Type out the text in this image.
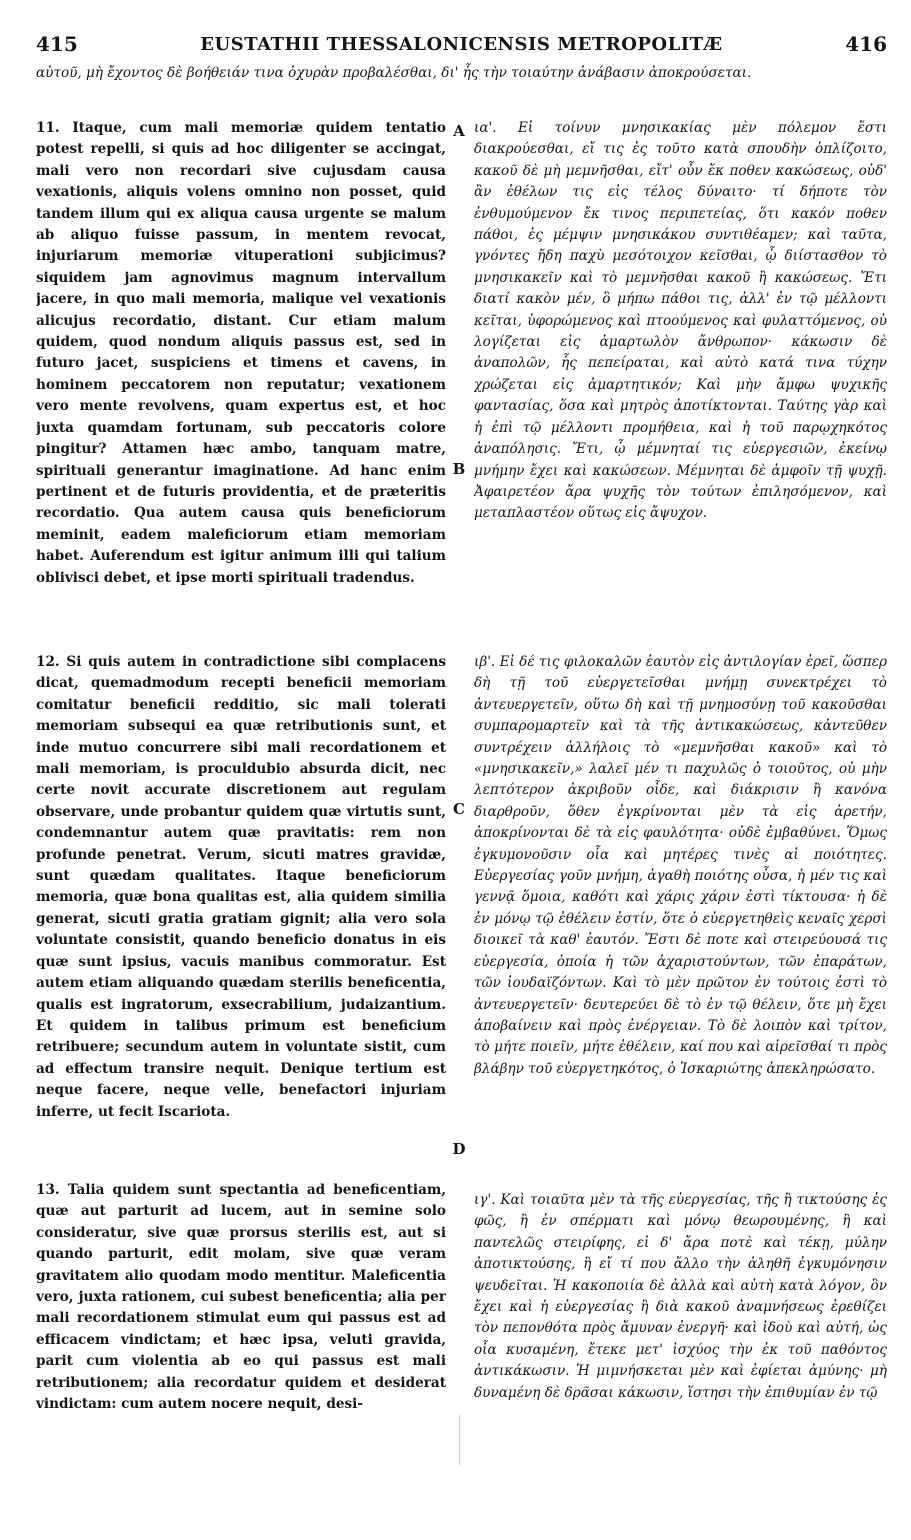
415	EUSTATHII THESSALONICENSIS METROPOLITÆ	416
αὐτοῦ, μὴ ἔχοντος δὲ βοήθειάν τινα ὀχυρὰν προβαλέσθαι, δι' ἧς τὴν τοιαύτην ἀνάβασιν ἀποκρούσεται.
11. Itaque, cum mali memoriæ quidem tentatio potest repelli, si quis ad hoc diligenter se accingat, mali vero non recordari sive cujusdam causa vexationis, aliquis volens omnino non posset, quid tandem illum qui ex aliqua causa urgente se malum ab aliquo fuisse passum, in mentem revocat, injuriarum memoriæ vituperationi subjicimus? siquidem jam agnovimus magnum intervallum jacere, in quo mali memoria, malique vel vexationis alicujus recordatio, distant. Cur etiam malum quidem, quod nondum aliquis passus est, sed in futuro jacet, suspiciens et timens et cavens, in hominem peccatorem non reputatur; vexationem vero mente revolvens, quam expertus est, et hoc juxta quamdam fortunam, sub peccatoris colore pingitur? Attamen hæc ambo, tanquam matre, spirituali generantur imaginatione. Ad hanc enim pertinent et de futuris providentia, et de præteritis recordatio. Qua autem causa quis beneficiorum meminit, eadem maleficiorum etiam memoriam habet. Auferendum est igitur animum illi qui talium oblivisci debet, et ipse morti spirituali tradendus.
ια'. Εἰ τοίνυν μνησικακίας μὲν πόλεμον ἔστι διακρούεσθαι, εἴ τις ἐς τοῦτο κατὰ σπουδὴν ὁπλίζοιτο, κακοῦ δὲ μὴ μεμνῆσθαι, εἴτ' οὖν ἔκ ποθεν κακώσεως, οὐδ' ἂν ἐθέλων τις εἰς τέλος δύναιτο· τί δήποτε τὸν ἐνθυμούμενον ἔκ τινος περιπετείας, ὅτι κακόν ποθεν πάθοι, ἐς μέμψιν μνησικάκου συντιθέαμεν; καὶ ταῦτα, γνόντες ἤδη παχὺ μεσότοιχον κεῖσθαι, ᾧ διίστασθον τὸ μνησικακεῖν καὶ τὸ μεμνῆσθαι κακοῦ ἢ κακώσεως. Ἔτι διατί κακὸν μέν, ὃ μήπω πάθοι τις, ἀλλ' ἐν τῷ μέλλοντι κεῖται, ὑφορώμενος καὶ πτοούμενος καὶ φυλαττόμενος, οὐ λογίζεται εἰς ἁμαρτωλὸν ἄνθρωπον· κάκωσιν δὲ ἀναπολῶν, ἧς πεπείραται, καὶ αὐτὸ κατά τινα τύχην χρώζεται εἰς ἁμαρτητικόν; Καὶ μὴν ἄμφω ψυχικῆς φαντασίας, ὅσα καὶ μητρὸς ἀποτίκτονται. Ταύτης γὰρ καὶ ἡ ἐπὶ τῷ μέλλοντι προμήθεια, καὶ ἡ τοῦ παρῳχηκότος ἀναπόλησις. Ἔτι, ᾧ μέμνηταί τις εὐεργεσιῶν, ἐκείνῳ μνήμην ἔχει καὶ κακώσεων. Μέμνηται δὲ ἀμφοῖν τῇ ψυχῇ. Ἀφαιρετέον ἄρα ψυχῆς τὸν τούτων ἐπιλησόμενον, καὶ μεταπλαστέον οὕτως εἰς ἄψυχον.
12. Si quis autem in contradictione sibi complacens dicat, quemadmodum recepti beneficii memoriam comitatur beneficii redditio, sic mali tolerati memoriam subsequi ea quæ retributionis sunt, et inde mutuo concurrere sibi mali recordationem et mali memoriam, is proculdubio absurda dicit, nec certe novit accurate discretionem aut regulam observare, unde probantur quidem quæ virtutis sunt, condemnantur autem quæ pravitatis: rem non profunde penetrat. Verum, sicuti matres gravidæ, sunt quædam qualitates. Itaque beneficiorum memoria, quæ bona qualitas est, alia quidem similia generat, sicuti gratia gratiam gignit; alia vero sola voluntate consistit, quando beneficio donatus in eis quæ sunt ipsius, vacuis manibus commoratur. Est autem etiam aliquando quædam sterilis beneficentia, qualis est ingratorum, exsecrabilium, judaizantium. Et quidem in talibus primum est beneficium retribuere; secundum autem in voluntate sistit, cum ad effectum transire nequit. Denique tertium est neque facere, neque velle, benefactori injuriam inferre, ut fecit Iscariota.
ιβ'. Εἰ δέ τις φιλοκαλῶν ἑαυτὸν εἰς ἀντιλογίαν ἐρεῖ, ὥσπερ δὴ τῇ τοῦ εὐεργετεῖσθαι μνήμῃ συνεκτρέχει τὸ ἀντευεργετεῖν, οὕτω δὴ καὶ τῇ μνημοσύνῃ τοῦ κακοῦσθαι συμπαρομαρτεῖν καὶ τὰ τῆς ἀντικακώσεως, κἀντεῦθεν συντρέχειν ἀλλήλοις τὸ «μεμνῆσθαι κακοῦ» καὶ τὸ «μνησικακεῖν,» λαλεῖ μέν τι παχυλῶς ὁ τοιοῦτος, οὐ μὴν λεπτότερον ἀκριβοῦν οἶδε, καὶ διάκρισιν ἢ κανόνα διαρθροῦν, ὅθεν ἐγκρίνονται μὲν τὰ εἰς ἀρετήν, ἀποκρίνονται δὲ τὰ εἰς φαυλότητα· οὐδὲ ἐμβαθύνει. Ὅμως ἐγκυμονοῦσιν οἷα καὶ μητέρες τινὲς αἱ ποιότητες. Εὐεργεσίας γοῦν μνήμη, ἀγαθὴ ποιότης οὖσα, ἡ μέν τις καὶ γεννᾷ ὅμοια, καθότι καὶ χάρις χάριν ἐστὶ τίκτουσα· ἡ δὲ ἐν μόνῳ τῷ ἐθέλειν ἐστίν, ὅτε ὁ εὐεργετηθεὶς κεναῖς χερσὶ διοικεῖ τὰ καθ' ἑαυτόν. Ἔστι δὲ ποτε καὶ στειρεύουσά τις εὐεργεσία, ὁποία ἡ τῶν ἀχαριστούντων, τῶν ἐπαράτων, τῶν ἰουδαϊζόντων. Καὶ τὸ μὲν πρῶτον ἐν τούτοις ἐστὶ τὸ ἀντευεργετεῖν· δευτερεύει δὲ τὸ ἐν τῷ θέλειν, ὅτε μὴ ἔχει ἀποβαίνειν καὶ πρὸς ἐνέργειαν. Τὸ δὲ λοιπὸν καὶ τρίτον, τὸ μήτε ποιεῖν, μήτε ἐθέλειν, καί που καὶ αἱρεῖσθαί τι πρὸς βλάβην τοῦ εὐεργετηκότος, ὁ Ἰσκαριώτης ἀπεκληρώσατο.
13. Talia quidem sunt spectantia ad beneficentiam, quæ aut parturit ad lucem, aut in semine solo consideratur, sive quæ prorsus sterilis est, aut si quando parturit, edit molam, sive quæ veram gravitatem alio quodam modo mentitur. Maleficentia vero, juxta rationem, cui subest beneficentia; alia per mali recordationem stimulat eum qui passus est ad efficacem vindictam; et hæc ipsa, veluti gravida, parit cum violentia ab eo qui passus est mali retributionem; alia recordatur quidem et desiderat vindictam: cum autem nocere nequit, desi-
ιγ'. Καὶ τοιαῦτα μὲν τὰ τῆς εὐεργεσίας, τῆς ἢ τικτούσης ἐς φῶς, ἢ ἐν σπέρματι καὶ μόνῳ θεωρουμένης, ἢ καὶ παντελῶς στειρίφης, εἰ δ' ἄρα ποτὲ καὶ τέκῃ, μύλην ἀποτικτούσης, ἢ εἴ τί που ἄλλο τὴν ἀληθῆ ἐγκυμόνησιν ψευδεῖται. Ἡ κακοποιία δὲ ἀλλὰ καὶ αὐτὴ κατὰ λόγον, ὃν ἔχει καὶ ἡ εὐεργεσίας ἢ διὰ κακοῦ ἀναμνήσεως ἐρεθίζει τὸν πεπονθότα πρὸς ἄμυναν ἐνεργῆ· καὶ ἰδοὺ καὶ αὐτή, ὡς οἷα κυσαμένη, ἔτεκε μετ' ἰσχύος τὴν ἐκ τοῦ παθόντος ἀντικάκωσιν. Ἡ μιμνήσκεται μὲν καὶ ἐφίεται ἀμύνης· μὴ δυναμένη δὲ δρᾶσαι κάκωσιν, ἵστησι τὴν ἐπιθυμίαν ἐν τῷ
A
B
C
D
